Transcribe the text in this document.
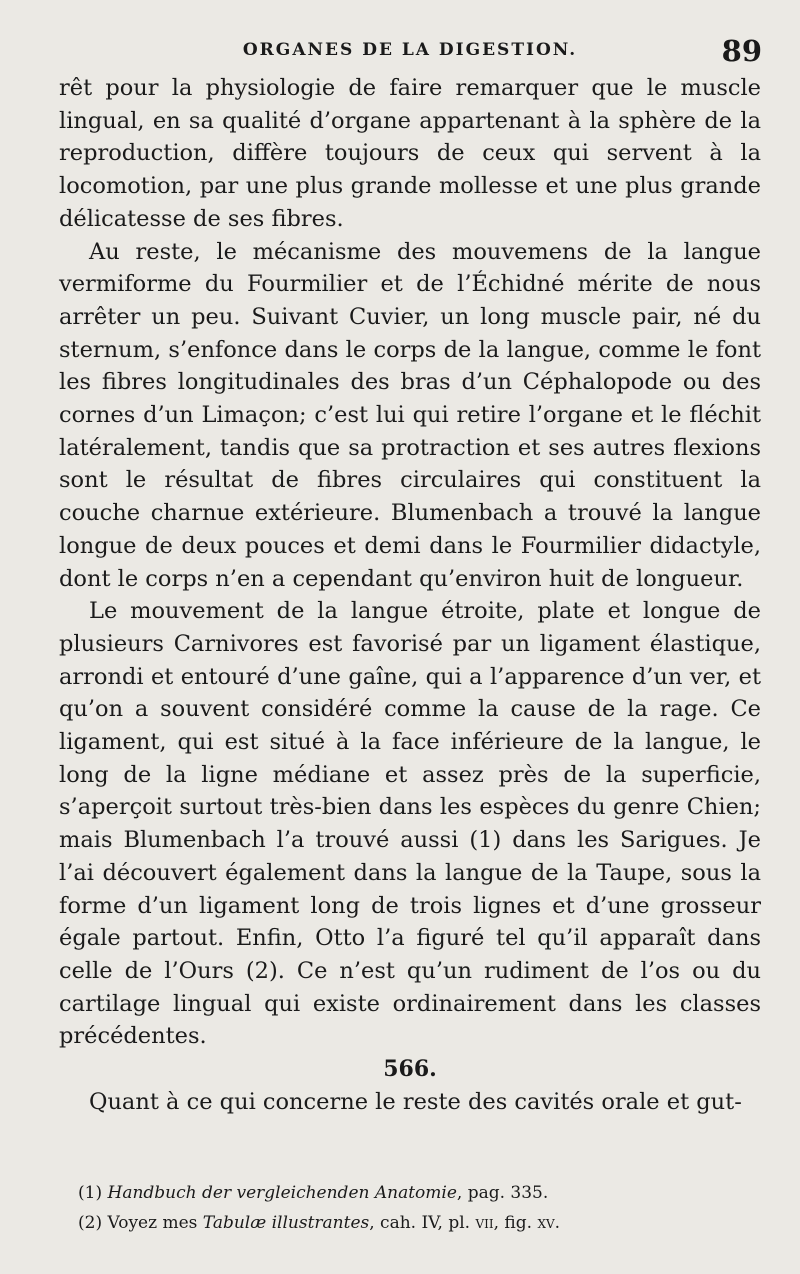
ORGANES DE LA DIGESTION.	89

rêt pour la physiologie de faire remarquer que le muscle lingual, en sa qualité d’organe appartenant à la sphère de la reproduction, diffère toujours de ceux qui servent à la locomotion, par une plus grande mollesse et une plus grande délicatesse de ses fibres.

Au reste, le mécanisme des mouvemens de la langue vermiforme du Fourmilier et de l’Échidné mérite de nous arrêter un peu. Suivant Cuvier, un long muscle pair, né du sternum, s’enfonce dans le corps de la langue, comme le font les fibres longitudinales des bras d’un Céphalopode ou des cornes d’un Limaçon; c’est lui qui retire l’organe et le fléchit latéralement, tandis que sa protraction et ses autres flexions sont le résultat de fibres circulaires qui constituent la couche charnue extérieure. Blumenbach a trouvé la langue longue de deux pouces et demi dans le Fourmilier didactyle, dont le corps n’en a cependant qu’environ huit de longueur.

Le mouvement de la langue étroite, plate et longue de plusieurs Carnivores est favorisé par un ligament élastique, arrondi et entouré d’une gaîne, qui a l’apparence d’un ver, et qu’on a souvent considéré comme la cause de la rage. Ce ligament, qui est situé à la face inférieure de la langue, le long de la ligne médiane et assez près de la superficie, s’aperçoit surtout très-bien dans les espèces du genre Chien; mais Blumenbach l’a trouvé aussi (1) dans les Sarigues. Je l’ai découvert également dans la langue de la Taupe, sous la forme d’un ligament long de trois lignes et d’une grosseur égale partout. Enfin, Otto l’a figuré tel qu’il apparaît dans celle de l’Ours (2). Ce n’est qu’un rudiment de l’os ou du cartilage lingual qui existe ordinairement dans les classes précédentes.

566.

Quant à ce qui concerne le reste des cavités orale et gut-

(1) Handbuch der vergleichenden Anatomie, pag. 335.

(2) Voyez mes Tabulæ illustrantes, cah. IV, pl. vii, fig. xv.
